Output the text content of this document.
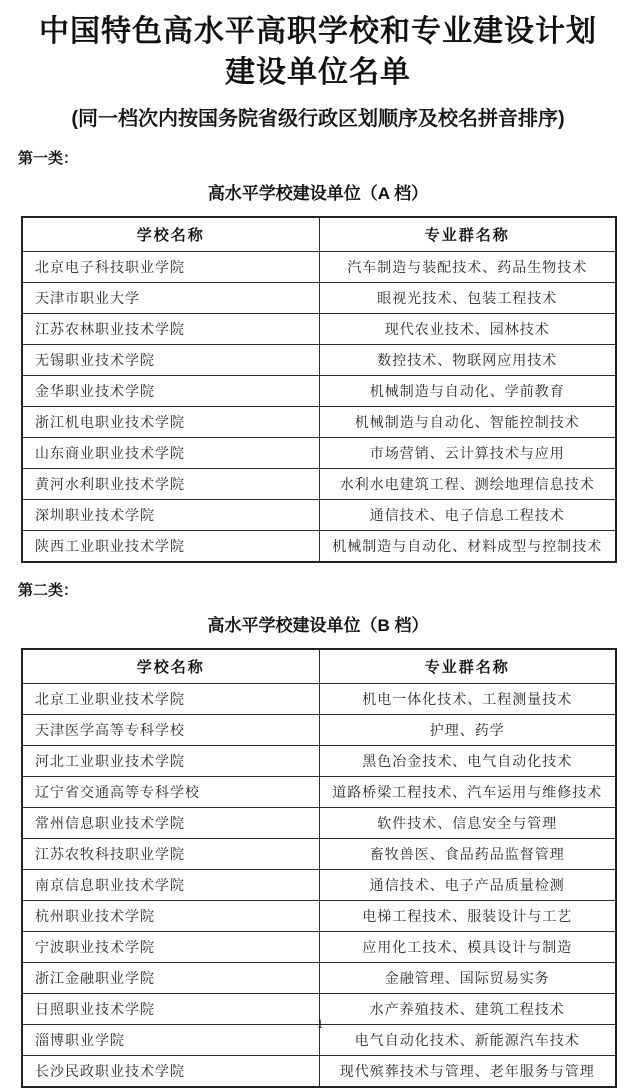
中国特色高水平高职学校和专业建设计划
建设单位名单
(同一档次内按国务院省级行政区划顺序及校名拼音排序)
第一类：
高水平学校建设单位（A 档）
学校名称	专业群名称
北京电子科技职业学院	汽车制造与装配技术、药品生物技术
天津市职业大学	眼视光技术、包装工程技术
江苏农林职业技术学院	现代农业技术、园林技术
无锡职业技术学院	数控技术、物联网应用技术
金华职业技术学院	机械制造与自动化、学前教育
浙江机电职业技术学院	机械制造与自动化、智能控制技术
山东商业职业技术学院	市场营销、云计算技术与应用
黄河水利职业技术学院	水利水电建筑工程、测绘地理信息技术
深圳职业技术学院	通信技术、电子信息工程技术
陕西工业职业技术学院	机械制造与自动化、材料成型与控制技术
第二类：
高水平学校建设单位（B 档）
学校名称	专业群名称
北京工业职业技术学院	机电一体化技术、工程测量技术
天津医学高等专科学校	护理、药学
河北工业职业技术学院	黑色冶金技术、电气自动化技术
辽宁省交通高等专科学校	道路桥梁工程技术、汽车运用与维修技术
常州信息职业技术学院	软件技术、信息安全与管理
江苏农牧科技职业学院	畜牧兽医、食品药品监督管理
南京信息职业技术学院	通信技术、电子产品质量检测
杭州职业技术学院	电梯工程技术、服装设计与工艺
宁波职业技术学院	应用化工技术、模具设计与制造
浙江金融职业学院	金融管理、国际贸易实务
日照职业技术学院	水产养殖技术、建筑工程技术
淄博职业学院	电气自动化技术、新能源汽车技术
长沙民政职业技术学院	现代殡葬技术与管理、老年服务与管理
1
